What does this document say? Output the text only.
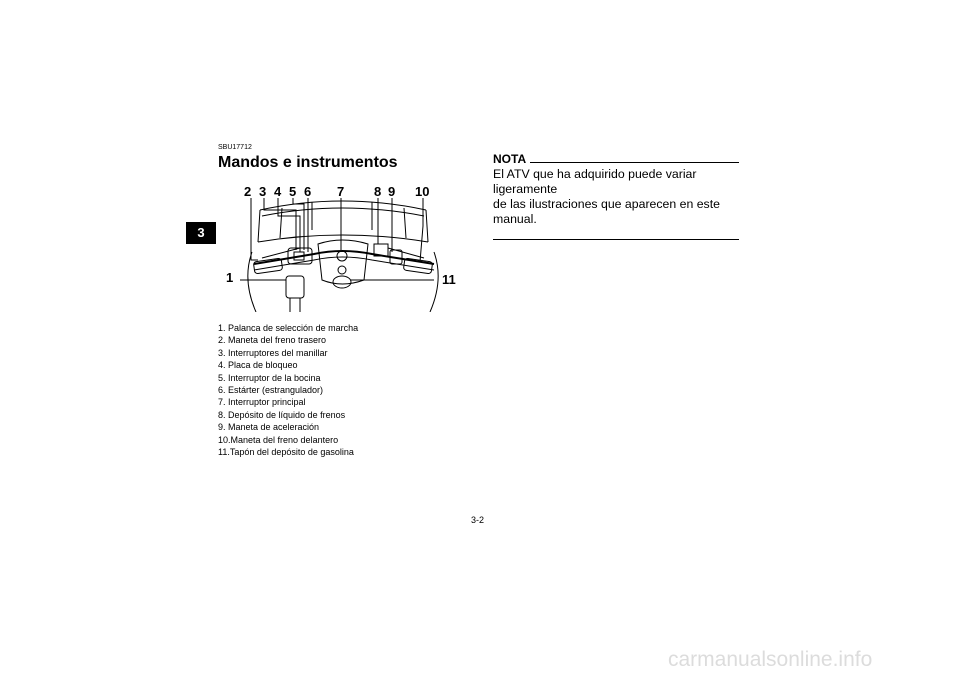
3
SBU17712
Mandos e instrumentos
1
2 3 4 5 6 7 8 9 10
11
1. Palanca de selección de marcha
2. Maneta del freno trasero
3. Interruptores del manillar
4. Placa de bloqueo
5. Interruptor de la bocina
6. Estárter (estrangulador)
7. Interruptor principal
8. Depósito de líquido de frenos
9. Maneta de aceleración
10.Maneta del freno delantero
11.Tapón del depósito de gasolina
NOTA
El ATV que ha adquirido puede variar ligeramente
de las ilustraciones que aparecen en este manual.
3-2
carmanualsonline.info
